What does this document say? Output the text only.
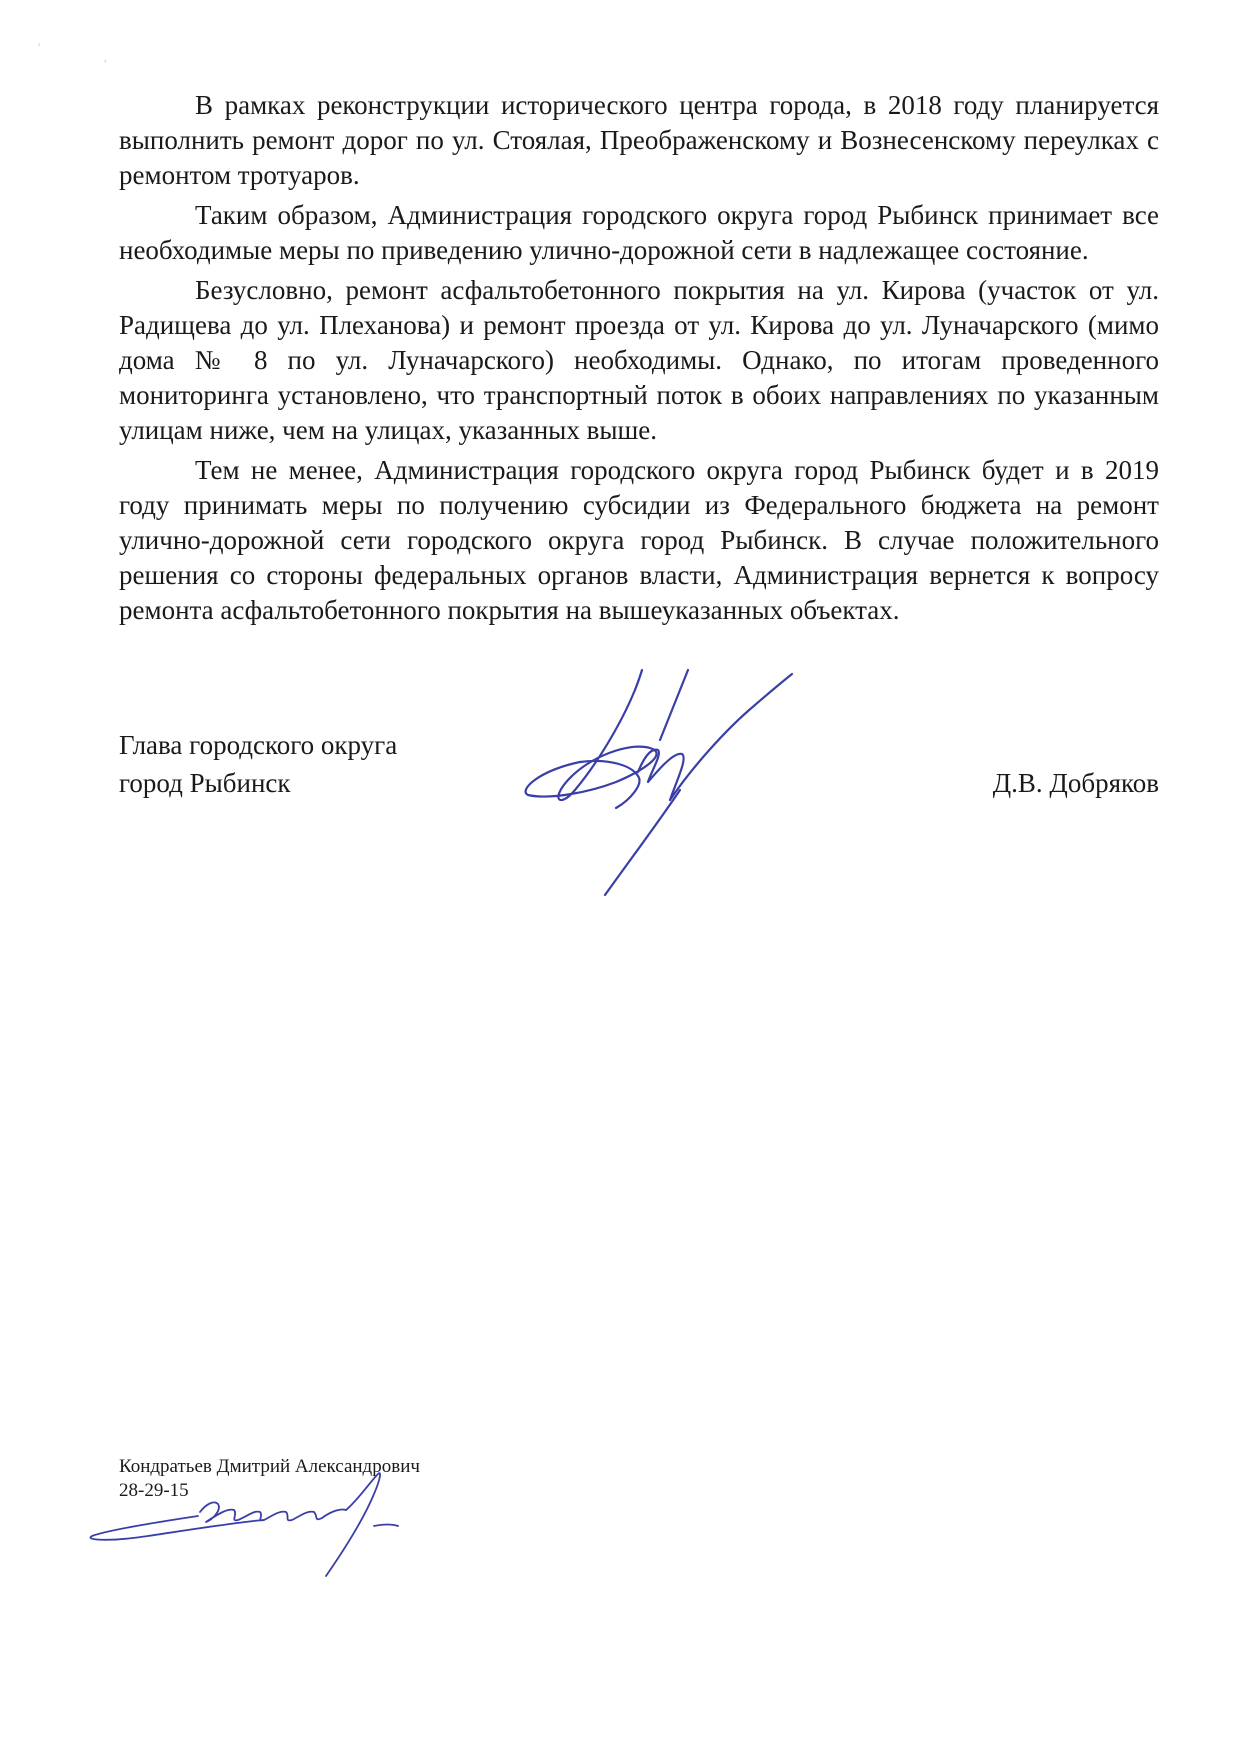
'
,

В рамках реконструкции исторического центра города, в 2018 году планируется выполнить ремонт дорог по ул. Стоялая, Преображенскому и Вознесенскому переулках с ремонтом тротуаров.

Таким образом, Администрация городского округа город Рыбинск принимает все необходимые меры по приведению улично-дорожной сети в надлежащее состояние.

Безусловно, ремонт асфальтобетонного покрытия на ул. Кирова (участок от ул. Радищева до ул. Плеханова) и ремонт проезда от ул. Кирова до ул. Луначарского (мимо дома № 8 по ул. Луначарского) необходимы. Однако, по итогам проведенного мониторинга установлено, что транспортный поток в обоих направлениях по указанным улицам ниже, чем на улицах, указанных выше.

Тем не менее, Администрация городского округа город Рыбинск будет и в 2019 году принимать меры по получению субсидии из Федерального бюджета на ремонт улично-дорожной сети городского округа город Рыбинск. В случае положительного решения со стороны федеральных органов власти, Администрация вернется к вопросу ремонта асфальтобетонного покрытия на вышеуказанных объектах.

Глава городского округа
город Рыбинск	Д.В. Добряков
Кондратьев Дмитрий Александрович
28-29-15
